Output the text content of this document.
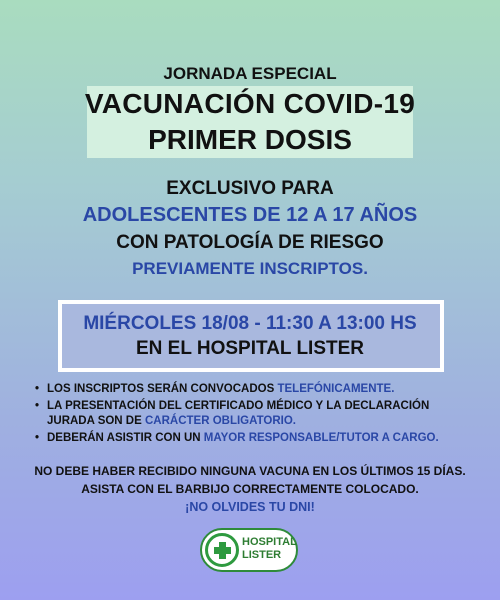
JORNADA ESPECIAL
VACUNACIÓN COVID-19
PRIMER DOSIS
EXCLUSIVO PARA
ADOLESCENTES DE 12 A 17 AÑOS
CON PATOLOGÍA DE RIESGO
PREVIAMENTE INSCRIPTOS.
MIÉRCOLES 18/08 - 11:30 A 13:00 HS
EN EL HOSPITAL LISTER
• LOS INSCRIPTOS SERÁN CONVOCADOS TELEFÓNICAMENTE.
• LA PRESENTACIÓN DEL CERTIFICADO MÉDICO Y LA DECLARACIÓN
JURADA SON DE CARÁCTER OBLIGATORIO.
• DEBERÁN ASISTIR CON UN MAYOR RESPONSABLE/TUTOR A CARGO.
NO DEBE HABER RECIBIDO NINGUNA VACUNA EN LOS ÚLTIMOS 15 DÍAS.
ASISTA CON EL BARBIJO CORRECTAMENTE COLOCADO.
¡NO OLVIDES TU DNI!
HOSPITAL
LISTER
